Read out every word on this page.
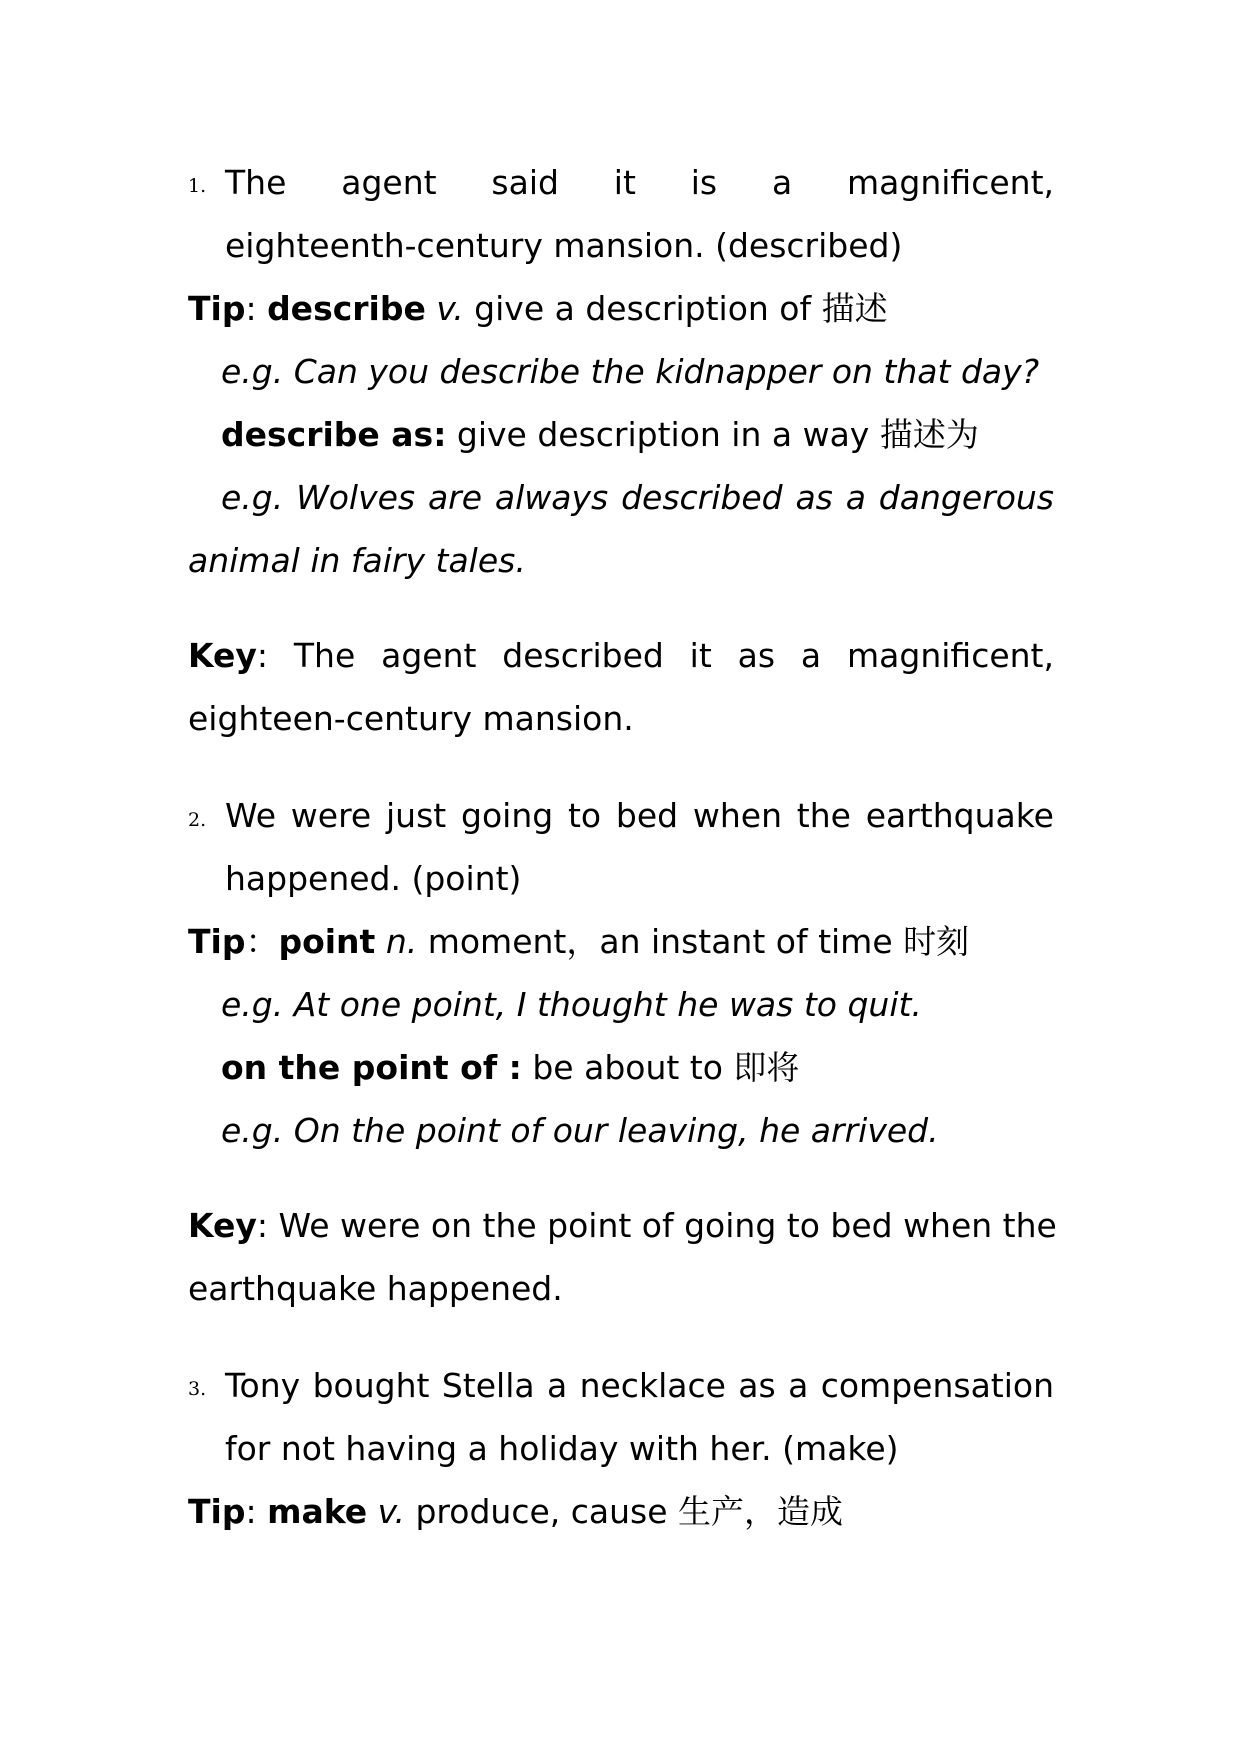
1. The agent said it is a magnificent,
eighteenth-century mansion. (described)
Tip: describe v. give a description of 描述
e.g. Can you describe the kidnapper on that day?
describe as: give description in a way 描述为
e.g. Wolves are always described as a dangerous
animal in fairy tales.
Key: The agent described it as a magnificent,
eighteen-century mansion.
2. We were just going to bed when the earthquake
happened. (point)
Tip：point n. moment，an instant of time 时刻
e.g. At one point, I thought he was to quit.
on the point of : be about to 即将
e.g. On the point of our leaving, he arrived.
Key: We were on the point of going to bed when the
earthquake happened.
3. Tony bought Stella a necklace as a compensation
for not having a holiday with her. (make)
Tip: make v. produce, cause 生产，造成
